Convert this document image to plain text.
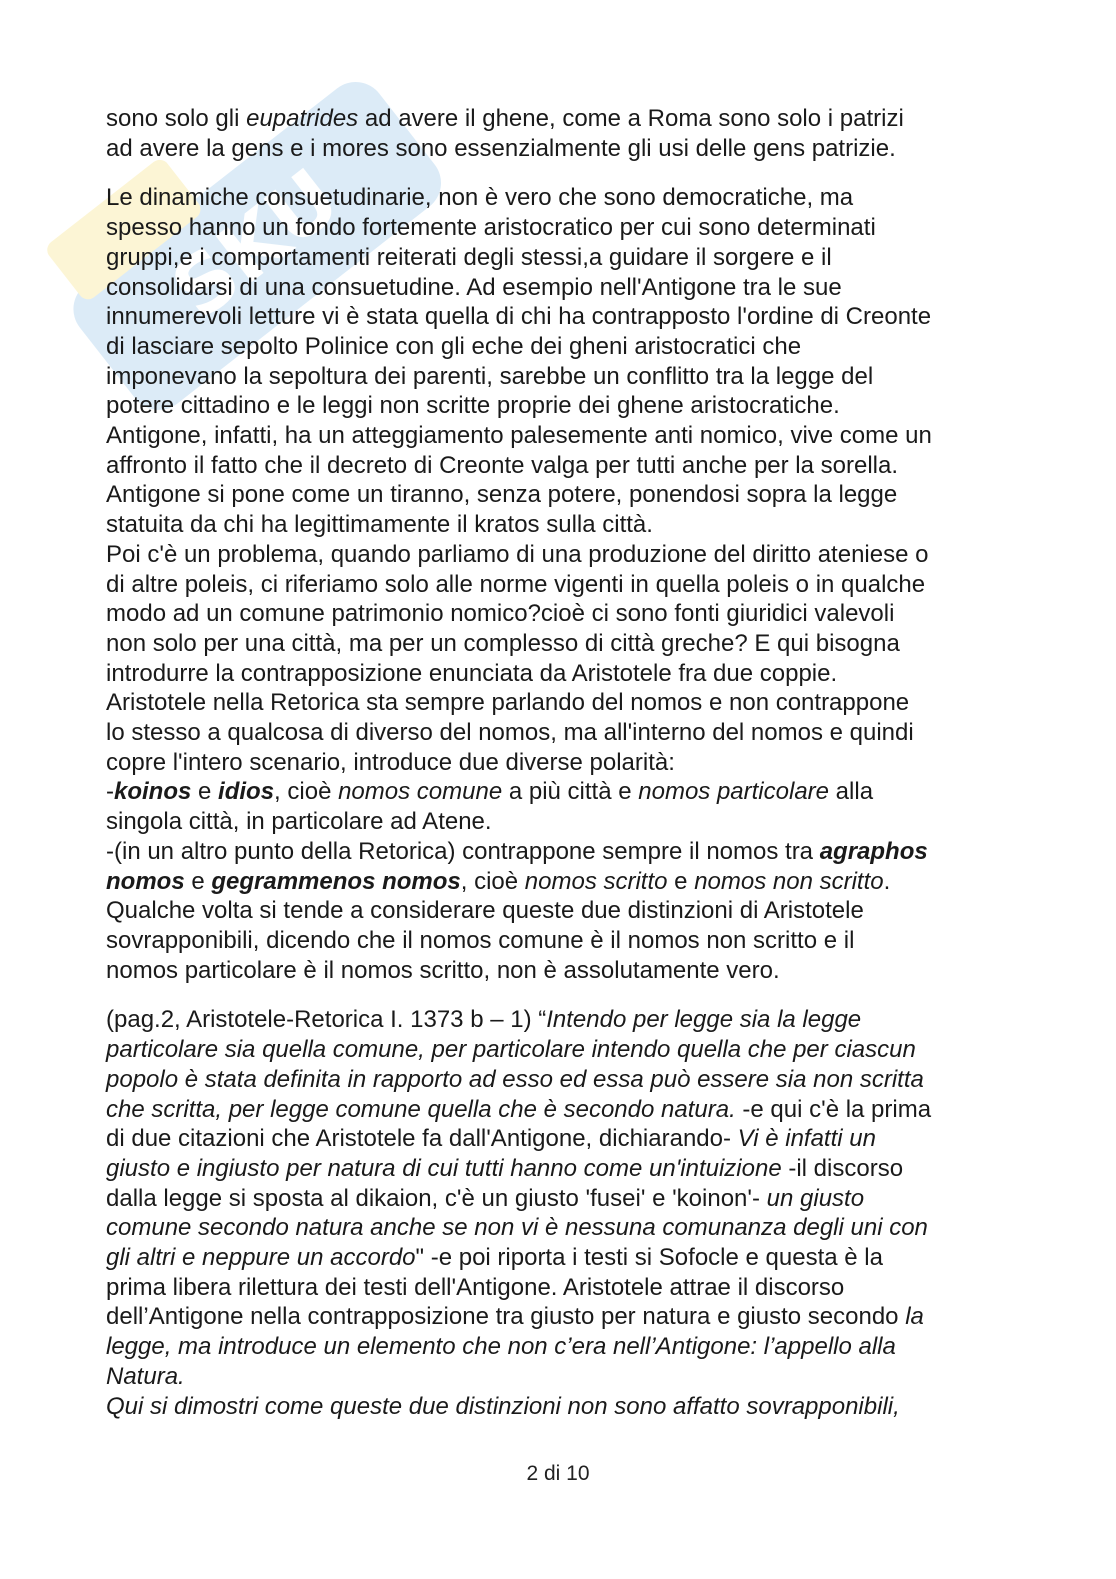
SKU
sono solo gli eupatrides ad avere il ghene, come a Roma sono solo i patrizi
ad avere la gens e i mores sono essenzialmente gli usi delle gens patrizie.
Le dinamiche consuetudinarie, non è vero che sono democratiche, ma
spesso hanno un fondo fortemente aristocratico per cui sono determinati
gruppi,e i comportamenti reiterati degli stessi,a guidare il sorgere e il
consolidarsi di una consuetudine. Ad esempio nell'Antigone tra le sue
innumerevoli letture vi è stata quella di chi ha contrapposto l'ordine di Creonte
di lasciare sepolto Polinice con gli eche dei gheni aristocratici che
imponevano la sepoltura dei parenti, sarebbe un conflitto tra la legge del
potere cittadino e le leggi non scritte proprie dei ghene aristocratiche.
Antigone, infatti, ha un atteggiamento palesemente anti nomico, vive come un
affronto il fatto che il decreto di Creonte valga per tutti anche per la sorella.
Antigone si pone come un tiranno, senza potere, ponendosi sopra la legge
statuita da chi ha legittimamente il kratos sulla città.
Poi c'è un problema, quando parliamo di una produzione del diritto ateniese o
di altre poleis, ci riferiamo solo alle norme vigenti in quella poleis o in qualche
modo ad un comune patrimonio nomico?cioè ci sono fonti giuridici valevoli
non solo per una città, ma per un complesso di città greche? E qui bisogna
introdurre la contrapposizione enunciata da Aristotele fra due coppie.
Aristotele nella Retorica sta sempre parlando del nomos e non contrappone
lo stesso a qualcosa di diverso del nomos, ma all'interno del nomos e quindi
copre l'intero scenario, introduce due diverse polarità:
-koinos e idios, cioè nomos comune a più città e nomos particolare alla
singola città, in particolare ad Atene.
-(in un altro punto della Retorica) contrappone sempre il nomos tra agraphos
nomos e gegrammenos nomos, cioè nomos scritto e nomos non scritto.
Qualche volta si tende a considerare queste due distinzioni di Aristotele
sovrapponibili, dicendo che il nomos comune è il nomos non scritto e il
nomos particolare è il nomos scritto, non è assolutamente vero.
(pag.2, Aristotele-Retorica I. 1373 b – 1) “Intendo per legge sia la legge
particolare sia quella comune, per particolare intendo quella che per ciascun
popolo è stata definita in rapporto ad esso ed essa può essere sia non scritta
che scritta, per legge comune quella che è secondo natura. -e qui c'è la prima
di due citazioni che Aristotele fa dall'Antigone, dichiarando- Vi è infatti un
giusto e ingiusto per natura di cui tutti hanno come un'intuizione -il discorso
dalla legge si sposta al dikaion, c'è un giusto 'fusei' e 'koinon'- un giusto
comune secondo natura anche se non vi è nessuna comunanza degli uni con
gli altri e neppure un accordo" -e poi riporta i testi si Sofocle e questa è la
prima libera rilettura dei testi dell'Antigone. Aristotele attrae il discorso
dell’Antigone nella contrapposizione tra giusto per natura e giusto secondo la
legge, ma introduce un elemento che non c’era nell’Antigone: l’appello alla
Natura.
Qui si dimostri come queste due distinzioni non sono affatto sovrapponibili,
2 di 10
